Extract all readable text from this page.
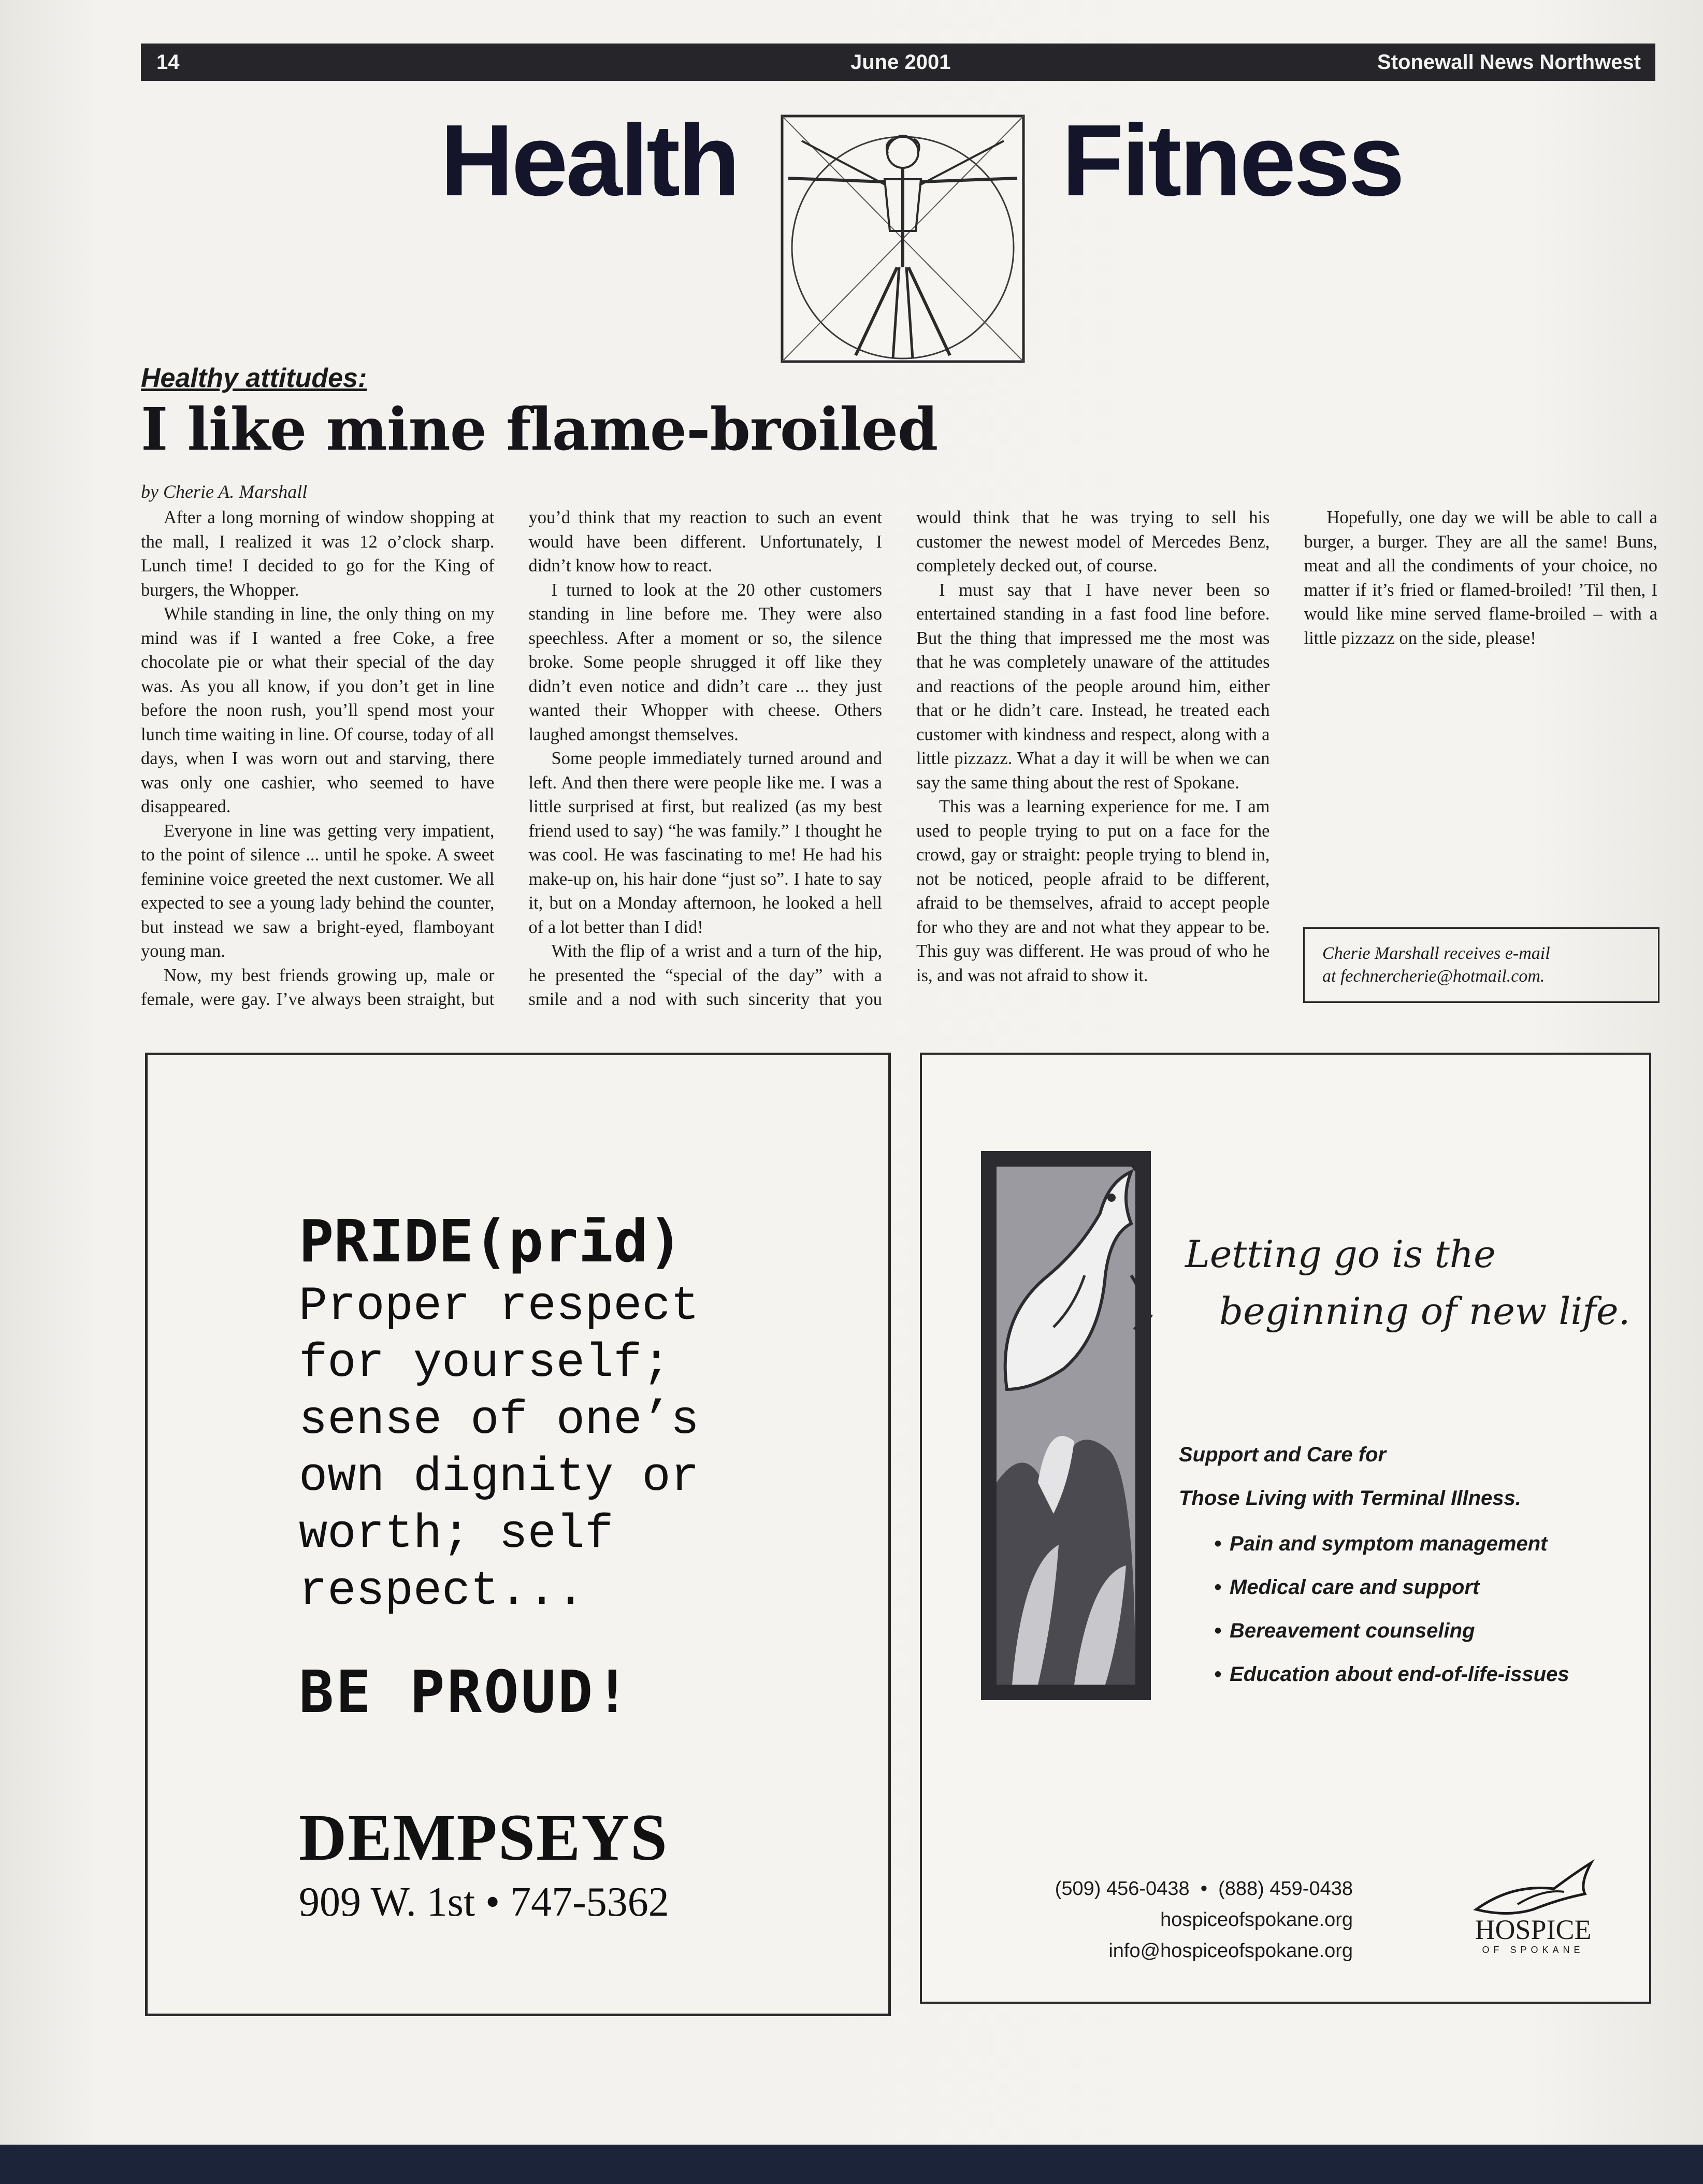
14	June 2001	Stonewall News Northwest
Health	Fitness
Healthy attitudes:
I like mine flame-broiled
by Cherie A. Marshall

After a long morning of window shopping at the mall, I realized it was 12 o’clock sharp. Lunch time! I decided to go for the King of burgers, the Whopper.

While standing in line, the only thing on my mind was if I wanted a free Coke, a free chocolate pie or what their special of the day was. As you all know, if you don’t get in line before the noon rush, you’ll spend most your lunch time waiting in line. Of course, today of all days, when I was worn out and starving, there was only one cashier, who seemed to have disappeared.

Everyone in line was getting very impatient, to the point of silence ... until he spoke. A sweet feminine voice greeted the next customer. We all expected to see a young lady behind the counter, but instead we saw a bright-eyed, flamboyant young man.

Now, my best friends growing up, male or female, were gay. I’ve always been straight, but you’d think that my reaction to such an event would have been different. Unfortunately, I didn’t know how to react.

I turned to look at the 20 other customers standing in line before me. They were also speechless. After a moment or so, the silence broke. Some people shrugged it off like they didn’t even notice and didn’t care ... they just wanted their Whopper with cheese. Others laughed amongst themselves.

Some people immediately turned around and left. And then there were people like me. I was a little surprised at first, but realized (as my best friend used to say) “he was family.” I thought he was cool. He was fascinating to me! He had his make-up on, his hair done “just so”. I hate to say it, but on a Monday afternoon, he looked a hell of a lot better than I did!

With the flip of a wrist and a turn of the hip, he presented the “special of the day” with a smile and a nod with such sincerity that you would think that he was trying to sell his customer the newest model of Mercedes Benz, completely decked out, of course.

I must say that I have never been so entertained standing in a fast food line before. But the thing that impressed me the most was that he was completely unaware of the attitudes and reactions of the people around him, either that or he didn’t care. Instead, he treated each customer with kindness and respect, along with a little pizzazz. What a day it will be when we can say the same thing about the rest of Spokane.

This was a learning experience for me. I am used to people trying to put on a face for the crowd, gay or straight: people trying to blend in, not be noticed, people afraid to be different, afraid to be themselves, afraid to accept people for who they are and not what they appear to be. This guy was different. He was proud of who he is, and was not afraid to show it.

Hopefully, one day we will be able to call a burger, a burger. They are all the same! Buns, meat and all the condiments of your choice, no matter if it’s fried or flamed-broiled! ’Til then, I would like mine served flame-broiled – with a little pizzazz on the side, please!

Cherie Marshall receives e-mail
at fechnercherie@hotmail.com.
PRIDE(prīd)
Proper respect
for yourself;
sense of one’s
own dignity or
worth; self
respect...
BE PROUD!
DEMPSEYS
909 W. 1st • 747-5362
Letting go is the
beginning of new life.
Support and Care for
Those Living with Terminal Illness.
• Pain and symptom management
• Medical care and support
• Bereavement counseling
• Education about end-of-life-issues
(509) 456-0438  •  (888) 459-0438
hospiceofspokane.org
info@hospiceofspokane.org
HOSPICE
OF SPOKANE
